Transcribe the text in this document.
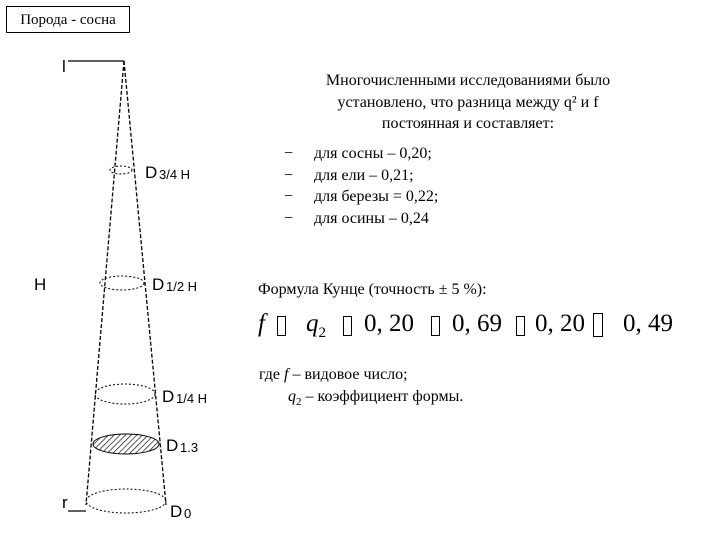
Порода - сосна
l
r
H
D 3/4 H
D 1/2 H
D 1/4 H
D 1.3
D 0
Многочисленными исследованиями было
установлено, что разница между q² и f
постоянная и составляет:
−	для сосны – 0,20;
−	для ели – 0,21;
−	для березы = 0,22;
−	для осины – 0,24
Формула Кунце (точность ± 5 %):
f $q_2$ 0, 20 0, 69 0, 20 0, 49
где f – видовое число;
$q_2$ – коэффициент формы.
